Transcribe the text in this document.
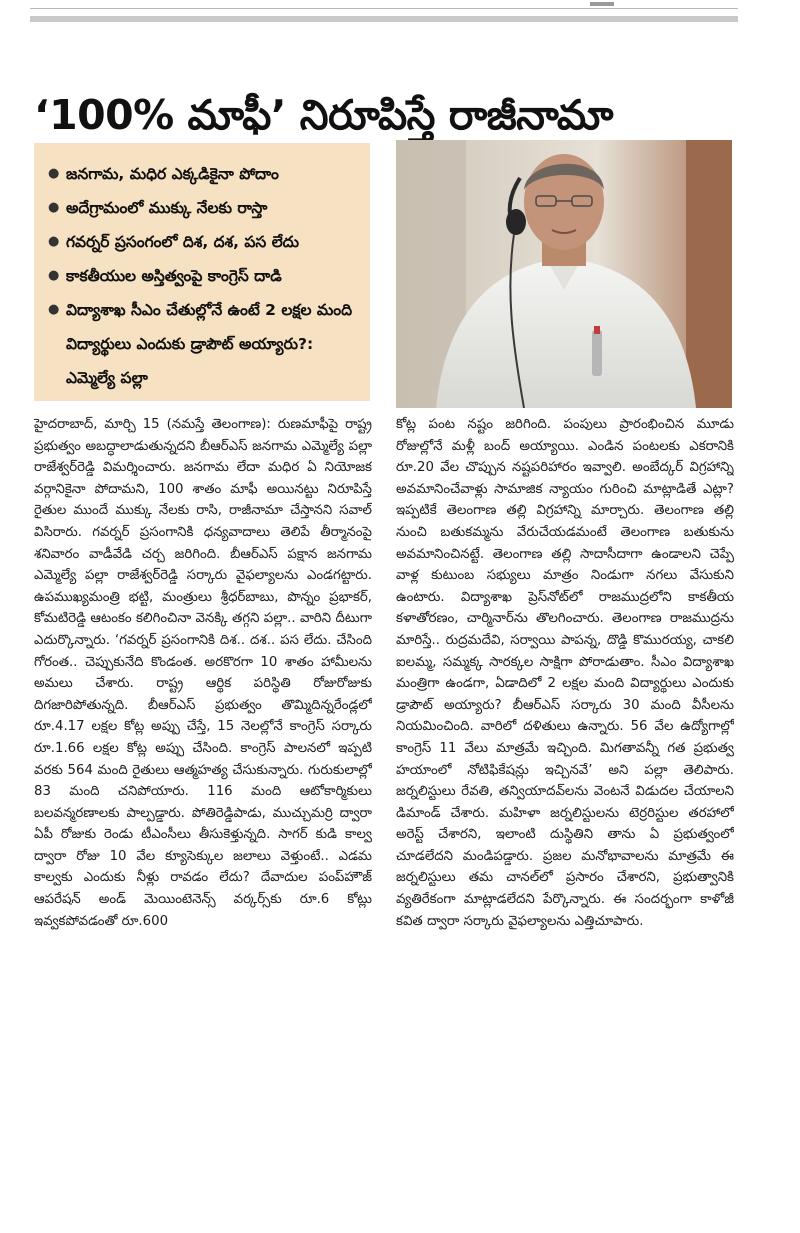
‘100% మాఫీ’ నిరూపిస్తే రాజీనామా
● జనగామ, మధిర ఎక్కడికైనా పోదాం
● అదేగ్రామంలో ముక్కు నేలకు రాస్తా
● గవర్నర్ ప్రసంగంలో దిశ, దశ, పస లేదు
● కాకతీయుల అస్తిత్వంపై కాంగ్రెస్ దాడి
● విద్యాశాఖ సీఎం చేతుల్లోనే ఉంటే 2 లక్షల మంది విద్యార్థులు ఎందుకు డ్రాపౌట్ అయ్యారు?: ఎమ్మెల్యే పల్లా

హైదరాబాద్, మార్చి 15 (నమస్తే తెలంగాణ): రుణమాఫీపై రాష్ట్ర ప్రభుత్వం అబద్ధాలాడుతున్నదని బీఆర్ఎస్ జనగామ ఎమ్మెల్యే పల్లా రాజేశ్వర్‌రెడ్డి విమర్శించారు. జనగామ లేదా మధిర ఏ నియోజక వర్గానికైనా పోదామని, 100 శాతం మాఫీ అయినట్టు నిరూపిస్తే రైతుల ముందే ముక్కు నేలకు రాసి, రాజీనామా చేస్తానని సవాల్ విసిరారు. గవర్నర్ ప్రసంగానికి ధన్యవాదాలు తెలిపే తీర్మానంపై శనివారం వాడీవేడి చర్చ జరిగింది. బీఆర్ఎస్ పక్షాన జనగామ ఎమ్మెల్యే పల్లా రాజేశ్వర్‌రెడ్డి సర్కారు వైఫల్యాలను ఎండగట్టారు. ఉపముఖ్యమంత్రి భట్టి, మంత్రులు శ్రీధర్‌బాబు, పొన్నం ప్రభాకర్, కోమటిరెడ్డి ఆటంకం కలిగించినా వెనక్కి తగ్గని పల్లా.. వారిని దీటుగా ఎదుర్కొన్నారు. ‘గవర్నర్ ప్రసంగానికి దిశ.. దశ.. పస లేదు. చేసింది గోరంత.. చెప్పుకునేది కొండంత. అరకొరగా 10 శాతం హామీలను అమలు చేశారు. రాష్ట్ర ఆర్థిక పరిస్థితి రోజురోజుకు దిగజారిపోతున్నది. బీఆర్ఎస్ ప్రభుత్వం తొమ్మిదిన్నరేండ్లలో రూ.4.17 లక్షల కోట్ల అప్పు చేస్తే, 15 నెలల్లోనే కాంగ్రెస్ సర్కారు రూ.1.66 లక్షల కోట్ల అప్పు చేసింది. కాంగ్రెస్ పాలనలో ఇప్పటి వరకు 564 మంది రైతులు ఆత్మహత్య చేసుకున్నారు. గురుకులాల్లో 83 మంది చనిపోయారు. 116 మంది ఆటోకార్మికులు బలవన్మరణాలకు పాల్పడ్డారు. పోతిరెడ్డిపాడు, ముచ్చుమర్రి ద్వారా ఏపీ రోజుకు రెండు టీఎంసీలు తీసుకెళ్తున్నది. సాగర్ కుడి కాల్వ ద్వారా రోజు 10 వేల క్యూసెక్కుల జలాలు వెళ్తుంటే.. ఎడమ కాల్వకు ఎందుకు నీళ్లు రావడం లేదు? దేవాదుల పంప్‌హౌజ్ ఆపరేషన్ అండ్ మెయింటెనెన్స్ వర్కర్స్‌కు రూ.6 కోట్లు ఇవ్వకపోవడంతో రూ.600

కోట్ల పంట నష్టం జరిగింది. పంపులు ప్రారంభించిన మూడు రోజుల్లోనే మళ్లీ బంద్ అయ్యాయి. ఎండిన పంటలకు ఎకరానికి రూ.20 వేల చొప్పున నష్టపరిహారం ఇవ్వాలి. అంబేద్కర్ విగ్రహాన్ని అవమానించేవాళ్లు సామాజిక న్యాయం గురించి మాట్లాడితే ఎట్లా? ఇప్పటికే తెలంగాణ తల్లి విగ్రహాన్ని మార్చారు. తెలంగాణ తల్లి నుంచి బతుకమ్మను వేరుచేయడమంటే తెలంగాణ బతుకును అవమానించినట్టే. తెలంగాణ తల్లి సాదాసీదాగా ఉండాలని చెప్పే వాళ్ల కుటుంబ సభ్యులు మాత్రం నిండుగా నగలు వేసుకుని ఉంటారు. విద్యాశాఖ ప్రెస్‌నోట్‌లో రాజముద్రలోని కాకతీయ కళాతోరణం, చార్మినార్‌ను తొలగించారు. తెలంగాణ రాజముద్రను మారిస్తే.. రుద్రమదేవి, సర్వాయి పాపన్న, దొడ్డి కొమురయ్య, చాకలి ఐలమ్మ, సమ్మక్క సారక్కల సాక్షిగా పోరాడుతాం. సీఎం విద్యాశాఖ మంత్రిగా ఉండగా, ఏడాదిలో 2 లక్షల మంది విద్యార్థులు ఎందుకు డ్రాపౌట్ అయ్యారు? బీఆర్ఎస్ సర్కారు 30 మంది వీసీలను నియమించింది. వారిలో దళితులు ఉన్నారు. 56 వేల ఉద్యోగాల్లో కాంగ్రెస్ 11 వేలు మాత్రమే ఇచ్చింది. మిగతావన్నీ గత ప్రభుత్వ హయాంలో నోటిఫికేషన్లు ఇచ్చినవే’ అని పల్లా తెలిపారు. జర్నలిస్టులు రేవతి, తన్వియాదవ్‌లను వెంటనే విడుదల చేయాలని డిమాండ్ చేశారు. మహిళా జర్నలిస్టులను టెర్రరిస్టుల తరహాలో అరెస్ట్ చేశారని, ఇలాంటి దుస్థితిని తాను ఏ ప్రభుత్వంలో చూడలేదని మండిపడ్డారు. ప్రజల మనోభావాలను మాత్రమే ఈ జర్నలిస్టులు తమ చానల్‌లో ప్రసారం చేశారని, ప్రభుత్వానికి వ్యతిరేకంగా మాట్లాడలేదని పేర్కొన్నారు. ఈ సందర్భంగా కాళోజీ కవిత ద్వారా సర్కారు వైఫల్యాలను ఎత్తిచూపారు.
